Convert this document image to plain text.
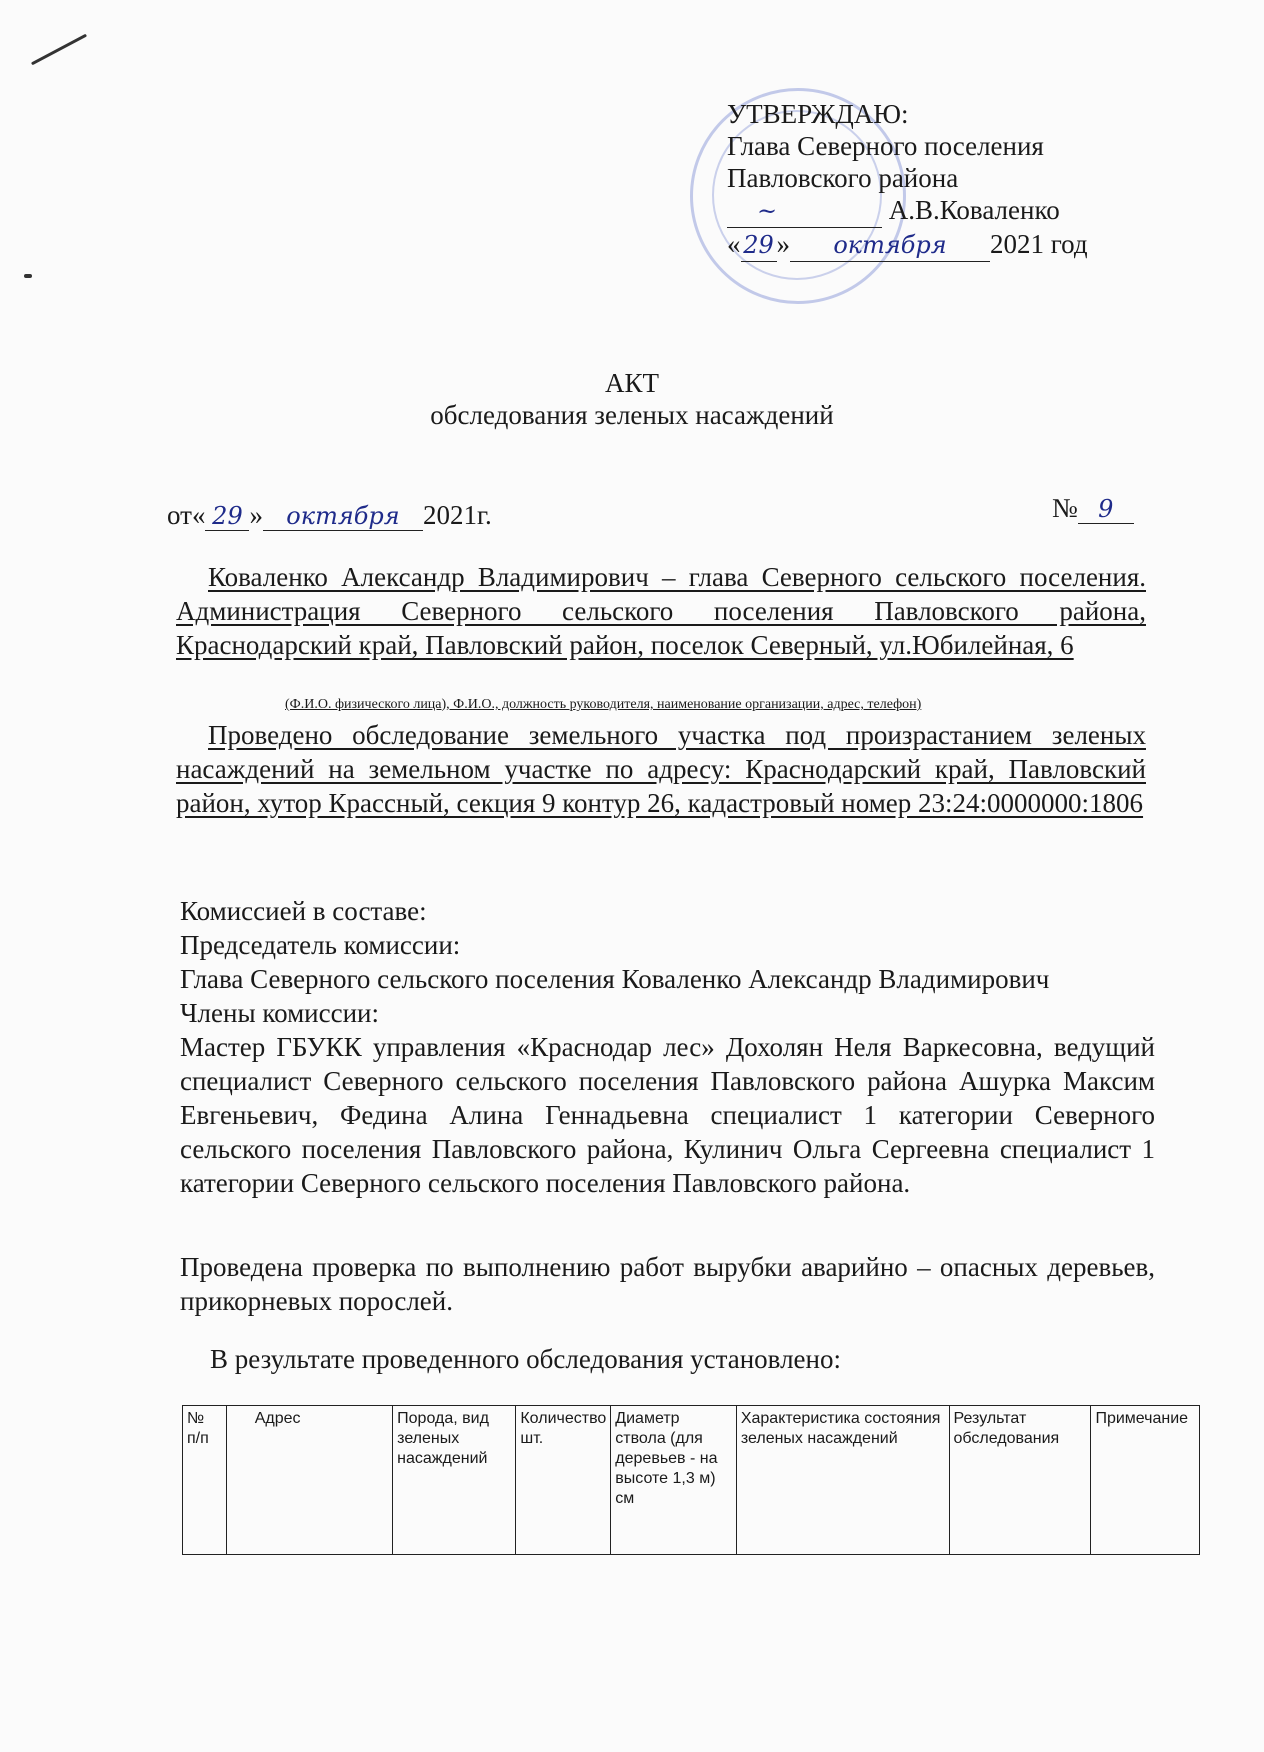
УТВЕРЖДАЮ:
Глава Северного поселения
Павловского района
~	А.В.Коваленко
« 29 » октября 2021 год
АКТ
обследования зеленых насаждений
от« 29 » октября 2021г.	№ 9
Коваленко Александр Владимирович – глава Северного сельского поселения. Администрация Северного сельского поселения Павловского района, Краснодарский край, Павловский район, поселок Северный, ул.Юбилейная, 6
(Ф.И.О. физического лица), Ф.И.О., должность руководителя, наименование организации, адрес, телефон)
Проведено обследование земельного участка под произрастанием зеленых насаждений на земельном участке по адресу: Краснодарский край, Павловский район, хутор Крассный, секция 9 контур 26, кадастровый номер 23:24:0000000:1806
Комиссией в составе:
Председатель комиссии:
Глава Северного сельского поселения Коваленко Александр Владимирович
Члены комиссии:
Мастер ГБУКК управления «Краснодар лес» Дохолян Неля Варкесовна, ведущий специалист Северного сельского поселения Павловского района Ашурка Максим Евгеньевич, Федина Алина Геннадьевна специалист 1 категории Северного сельского поселения Павловского района, Кулинич Ольга Сергеевна специалист 1 категории Северного сельского поселения Павловского района.
Проведена проверка по выполнению работ вырубки аварийно – опасных деревьев, прикорневых порослей.
В результате проведенного обследования установлено:
№ п/п	Адрес	Порода, вид зеленых насаждений	Количество шт.	Диаметр ствола (для деревьев - на высоте 1,3 м) см	Характеристика состояния зеленых насаждений	Результат обследования	Примечание
